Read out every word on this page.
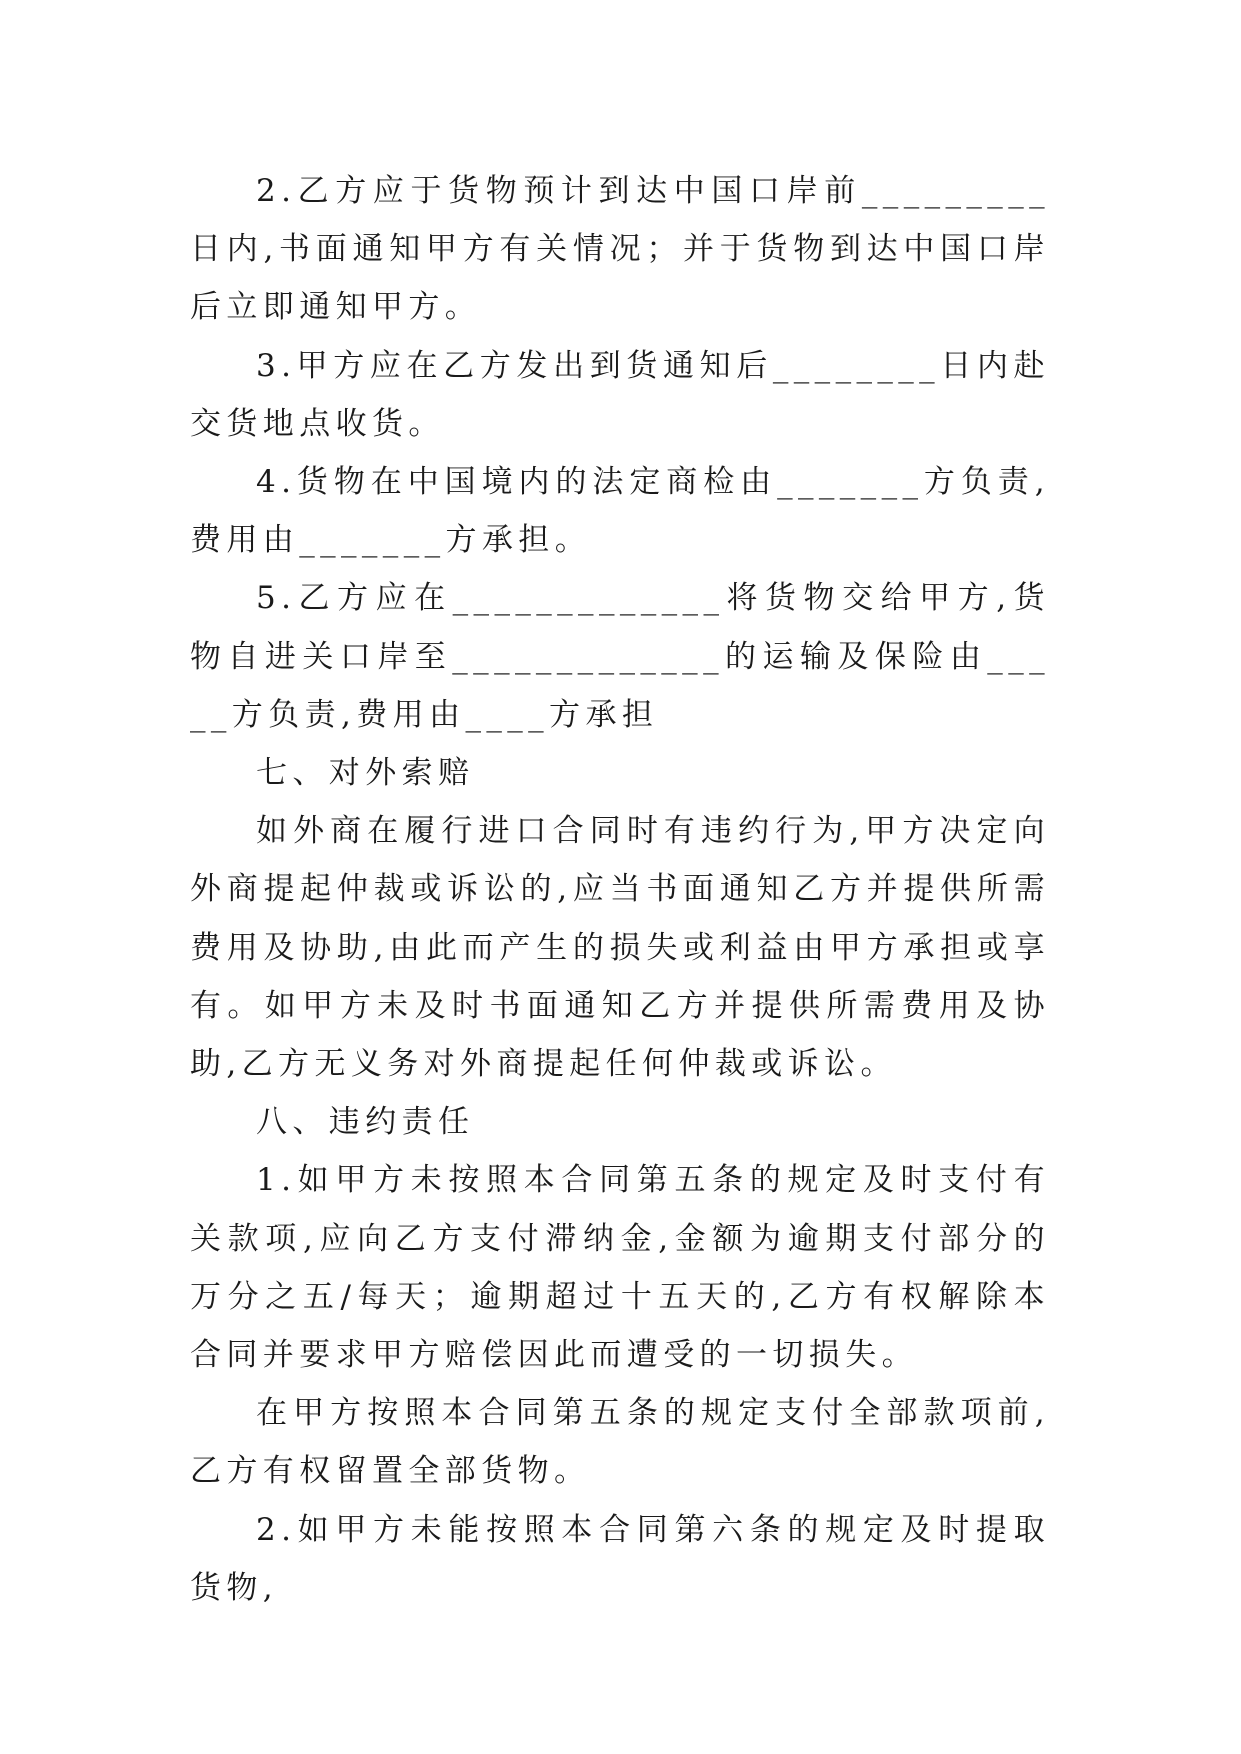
2.乙方应于货物预计到达中国口岸前_________日内,书面通知甲方有关情况；并于货物到达中国口岸后立即通知甲方。

3.甲方应在乙方发出到货通知后________日内赴交货地点收货。

4.货物在中国境内的法定商检由_______方负责,费用由_______方承担。

5.乙方应在_____________将货物交给甲方,货物自进关口岸至_____________的运输及保险由_____方负责,费用由____方承担

七、对外索赔

如外商在履行进口合同时有违约行为,甲方决定向外商提起仲裁或诉讼的,应当书面通知乙方并提供所需费用及协助,由此而产生的损失或利益由甲方承担或享有。如甲方未及时书面通知乙方并提供所需费用及协助,乙方无义务对外商提起任何仲裁或诉讼。

八、违约责任

1.如甲方未按照本合同第五条的规定及时支付有关款项,应向乙方支付滞纳金,金额为逾期支付部分的万分之五/每天；逾期超过十五天的,乙方有权解除本合同并要求甲方赔偿因此而遭受的一切损失。

在甲方按照本合同第五条的规定支付全部款项前,乙方有权留置全部货物。

2.如甲方未能按照本合同第六条的规定及时提取货物,
